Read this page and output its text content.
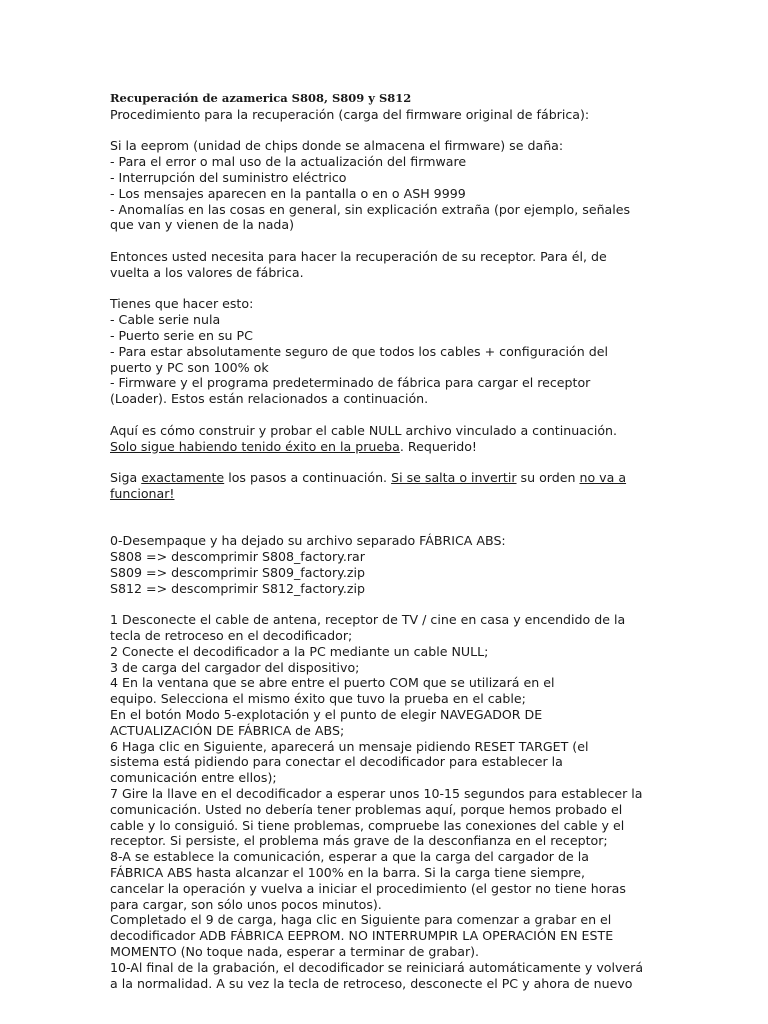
Recuperación de azamerica S808, S809 y S812
Procedimiento para la recuperación (carga del firmware original de fábrica):
Si la eeprom (unidad de chips donde se almacena el firmware) se daña:
- Para el error o mal uso de la actualización del firmware
- Interrupción del suministro eléctrico
- Los mensajes aparecen en la pantalla o en o ASH 9999
- Anomalías en las cosas en general, sin explicación extraña (por ejemplo, señales
que van y vienen de la nada)
Entonces usted necesita para hacer la recuperación de su receptor. Para él, de
vuelta a los valores de fábrica.
Tienes que hacer esto:
- Cable serie nula
- Puerto serie en su PC
- Para estar absolutamente seguro de que todos los cables + configuración del
puerto y PC son 100% ok
- Firmware y el programa predeterminado de fábrica para cargar el receptor
(Loader). Estos están relacionados a continuación.
Aquí es cómo construir y probar el cable NULL archivo vinculado a continuación.
Solo sigue habiendo tenido éxito en la prueba. Requerido!
Siga exactamente los pasos a continuación. Si se salta o invertir su orden no va a
funcionar!
0-Desempaque y ha dejado su archivo separado FÁBRICA ABS:
S808 => descomprimir S808_factory.rar
S809 => descomprimir S809_factory.zip
S812 => descomprimir S812_factory.zip
1 Desconecte el cable de antena, receptor de TV / cine en casa y encendido de la
tecla de retroceso en el decodificador;
2 Conecte el decodificador a la PC mediante un cable NULL;
3 de carga del cargador del dispositivo;
4 En la ventana que se abre entre el puerto COM que se utilizará en el
equipo. Selecciona el mismo éxito que tuvo la prueba en el cable;
En el botón Modo 5-explotación y el punto de elegir NAVEGADOR DE
ACTUALIZACIÓN DE FÁBRICA de ABS;
6 Haga clic en Siguiente, aparecerá un mensaje pidiendo RESET TARGET (el
sistema está pidiendo para conectar el decodificador para establecer la
comunicación entre ellos);
7 Gire la llave en el decodificador a esperar unos 10-15 segundos para establecer la
comunicación. Usted no debería tener problemas aquí, porque hemos probado el
cable y lo consiguió. Si tiene problemas, compruebe las conexiones del cable y el
receptor. Si persiste, el problema más grave de la desconfianza en el receptor;
8-A se establece la comunicación, esperar a que la carga del cargador de la
FÁBRICA ABS hasta alcanzar el 100% en la barra. Si la carga tiene siempre,
cancelar la operación y vuelva a iniciar el procedimiento (el gestor no tiene horas
para cargar, son sólo unos pocos minutos).
Completado el 9 de carga, haga clic en Siguiente para comenzar a grabar en el
decodificador ADB FÁBRICA EEPROM. NO INTERRUMPIR LA OPERACIÓN EN ESTE
MOMENTO (No toque nada, esperar a terminar de grabar).
10-Al final de la grabación, el decodificador se reiniciará automáticamente y volverá
a la normalidad. A su vez la tecla de retroceso, desconecte el PC y ahora de nuevo
